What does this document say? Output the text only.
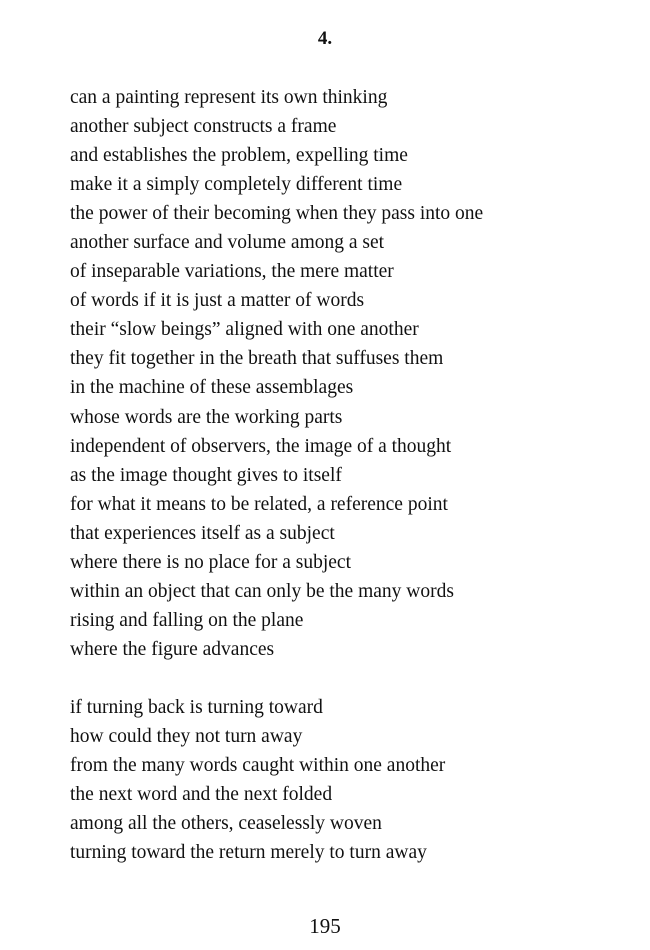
4.
can a painting represent its own thinking
another subject constructs a frame
and establishes the problem, expelling time
make it a simply completely different time
the power of their becoming when they pass into one
another surface and volume among a set
of inseparable variations, the mere matter
of words if it is just a matter of words
their “slow beings” aligned with one another
they fit together in the breath that suffuses them
in the machine of these assemblages
whose words are the working parts
independent of observers, the image of a thought
as the image thought gives to itself
for what it means to be related, a reference point
that experiences itself as a subject
where there is no place for a subject
within an object that can only be the many words
rising and falling on the plane
where the figure advances
if turning back is turning toward
how could they not turn away
from the many words caught within one another
the next word and the next folded
among all the others, ceaselessly woven
turning toward the return merely to turn away
195
